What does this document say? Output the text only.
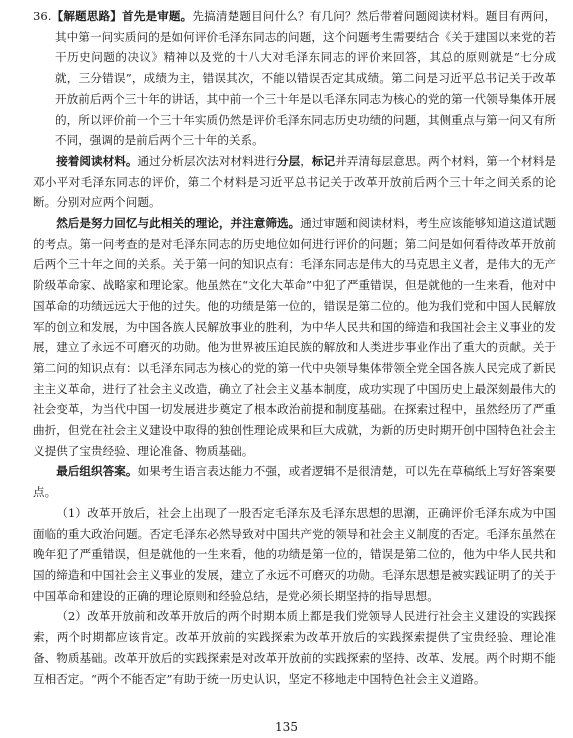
36.【解题思路】首先是审题。先搞清楚题目问什么？有几问？然后带着问题阅读材料。题目有两问，其中第一问实质问的是如何评价毛泽东同志的问题，这个问题考生需要结合《关于建国以来党的若干历史问题的决议》精神以及党的十八大对毛泽东同志的评价来回答，其总的原则就是“七分成就，三分错误”，成绩为主，错误其次，不能以错误否定其成绩。第二问是习近平总书记关于改革开放前后两个三十年的讲话，其中前一个三十年是以毛泽东同志为核心的党的第一代领导集体开展的，所以评价前一个三十年实质仍然是评价毛泽东同志历史功绩的问题，其侧重点与第一问又有所不同，强调的是前后两个三十年的关系。

接着阅读材料。通过分析层次法对材料进行分层，标记并弄清每层意思。两个材料，第一个材料是邓小平对毛泽东同志的评价，第二个材料是习近平总书记关于改革开放前后两个三十年之间关系的论断。分别对应两个问题。

然后是努力回忆与此相关的理论，并注意筛选。通过审题和阅读材料，考生应该能够知道这道试题的考点。第一问考查的是对毛泽东同志的历史地位如何进行评价的问题；第二问是如何看待改革开放前后两个三十年之间的关系。关于第一问的知识点有：毛泽东同志是伟大的马克思主义者，是伟大的无产阶级革命家、战略家和理论家。他虽然在“文化大革命”中犯了严重错误，但是就他的一生来看，他对中国革命的功绩远远大于他的过失。他的功绩是第一位的，错误是第二位的。他为我们党和中国人民解放军的创立和发展，为中国各族人民解放事业的胜利，为中华人民共和国的缔造和我国社会主义事业的发展，建立了永远不可磨灭的功勋。他为世界被压迫民族的解放和人类进步事业作出了重大的贡献。关于第二问的知识点有：以毛泽东同志为核心的党的第一代中央领导集体带领全党全国各族人民完成了新民主主义革命，进行了社会主义改造，确立了社会主义基本制度，成功实现了中国历史上最深刻最伟大的社会变革，为当代中国一切发展进步奠定了根本政治前提和制度基础。在探索过程中，虽然经历了严重曲折，但党在社会主义建设中取得的独创性理论成果和巨大成就，为新的历史时期开创中国特色社会主义提供了宝贵经验、理论准备、物质基础。

最后组织答案。如果考生语言表达能力不强，或者逻辑不是很清楚，可以先在草稿纸上写好答案要点。

（1）改革开放后，社会上出现了一股否定毛泽东及毛泽东思想的思潮，正确评价毛泽东成为中国面临的重大政治问题。否定毛泽东必然导致对中国共产党的领导和社会主义制度的否定。毛泽东虽然在晚年犯了严重错误，但是就他的一生来看，他的功绩是第一位的，错误是第二位的，他为中华人民共和国的缔造和中国社会主义事业的发展，建立了永远不可磨灭的功勋。毛泽东思想是被实践证明了的关于中国革命和建设的正确的理论原则和经验总结，是党必须长期坚持的指导思想。

（2）改革开放前和改革开放后的两个时期本质上都是我们党领导人民进行社会主义建设的实践探索，两个时期都应该肯定。改革开放前的实践探索为改革开放后的实践探索提供了宝贵经验、理论准备、物质基础。改革开放后的实践探索是对改革开放前的实践探索的坚持、改革、发展。两个时期不能互相否定。“两个不能否定”有助于统一历史认识，坚定不移地走中国特色社会主义道路。

135
